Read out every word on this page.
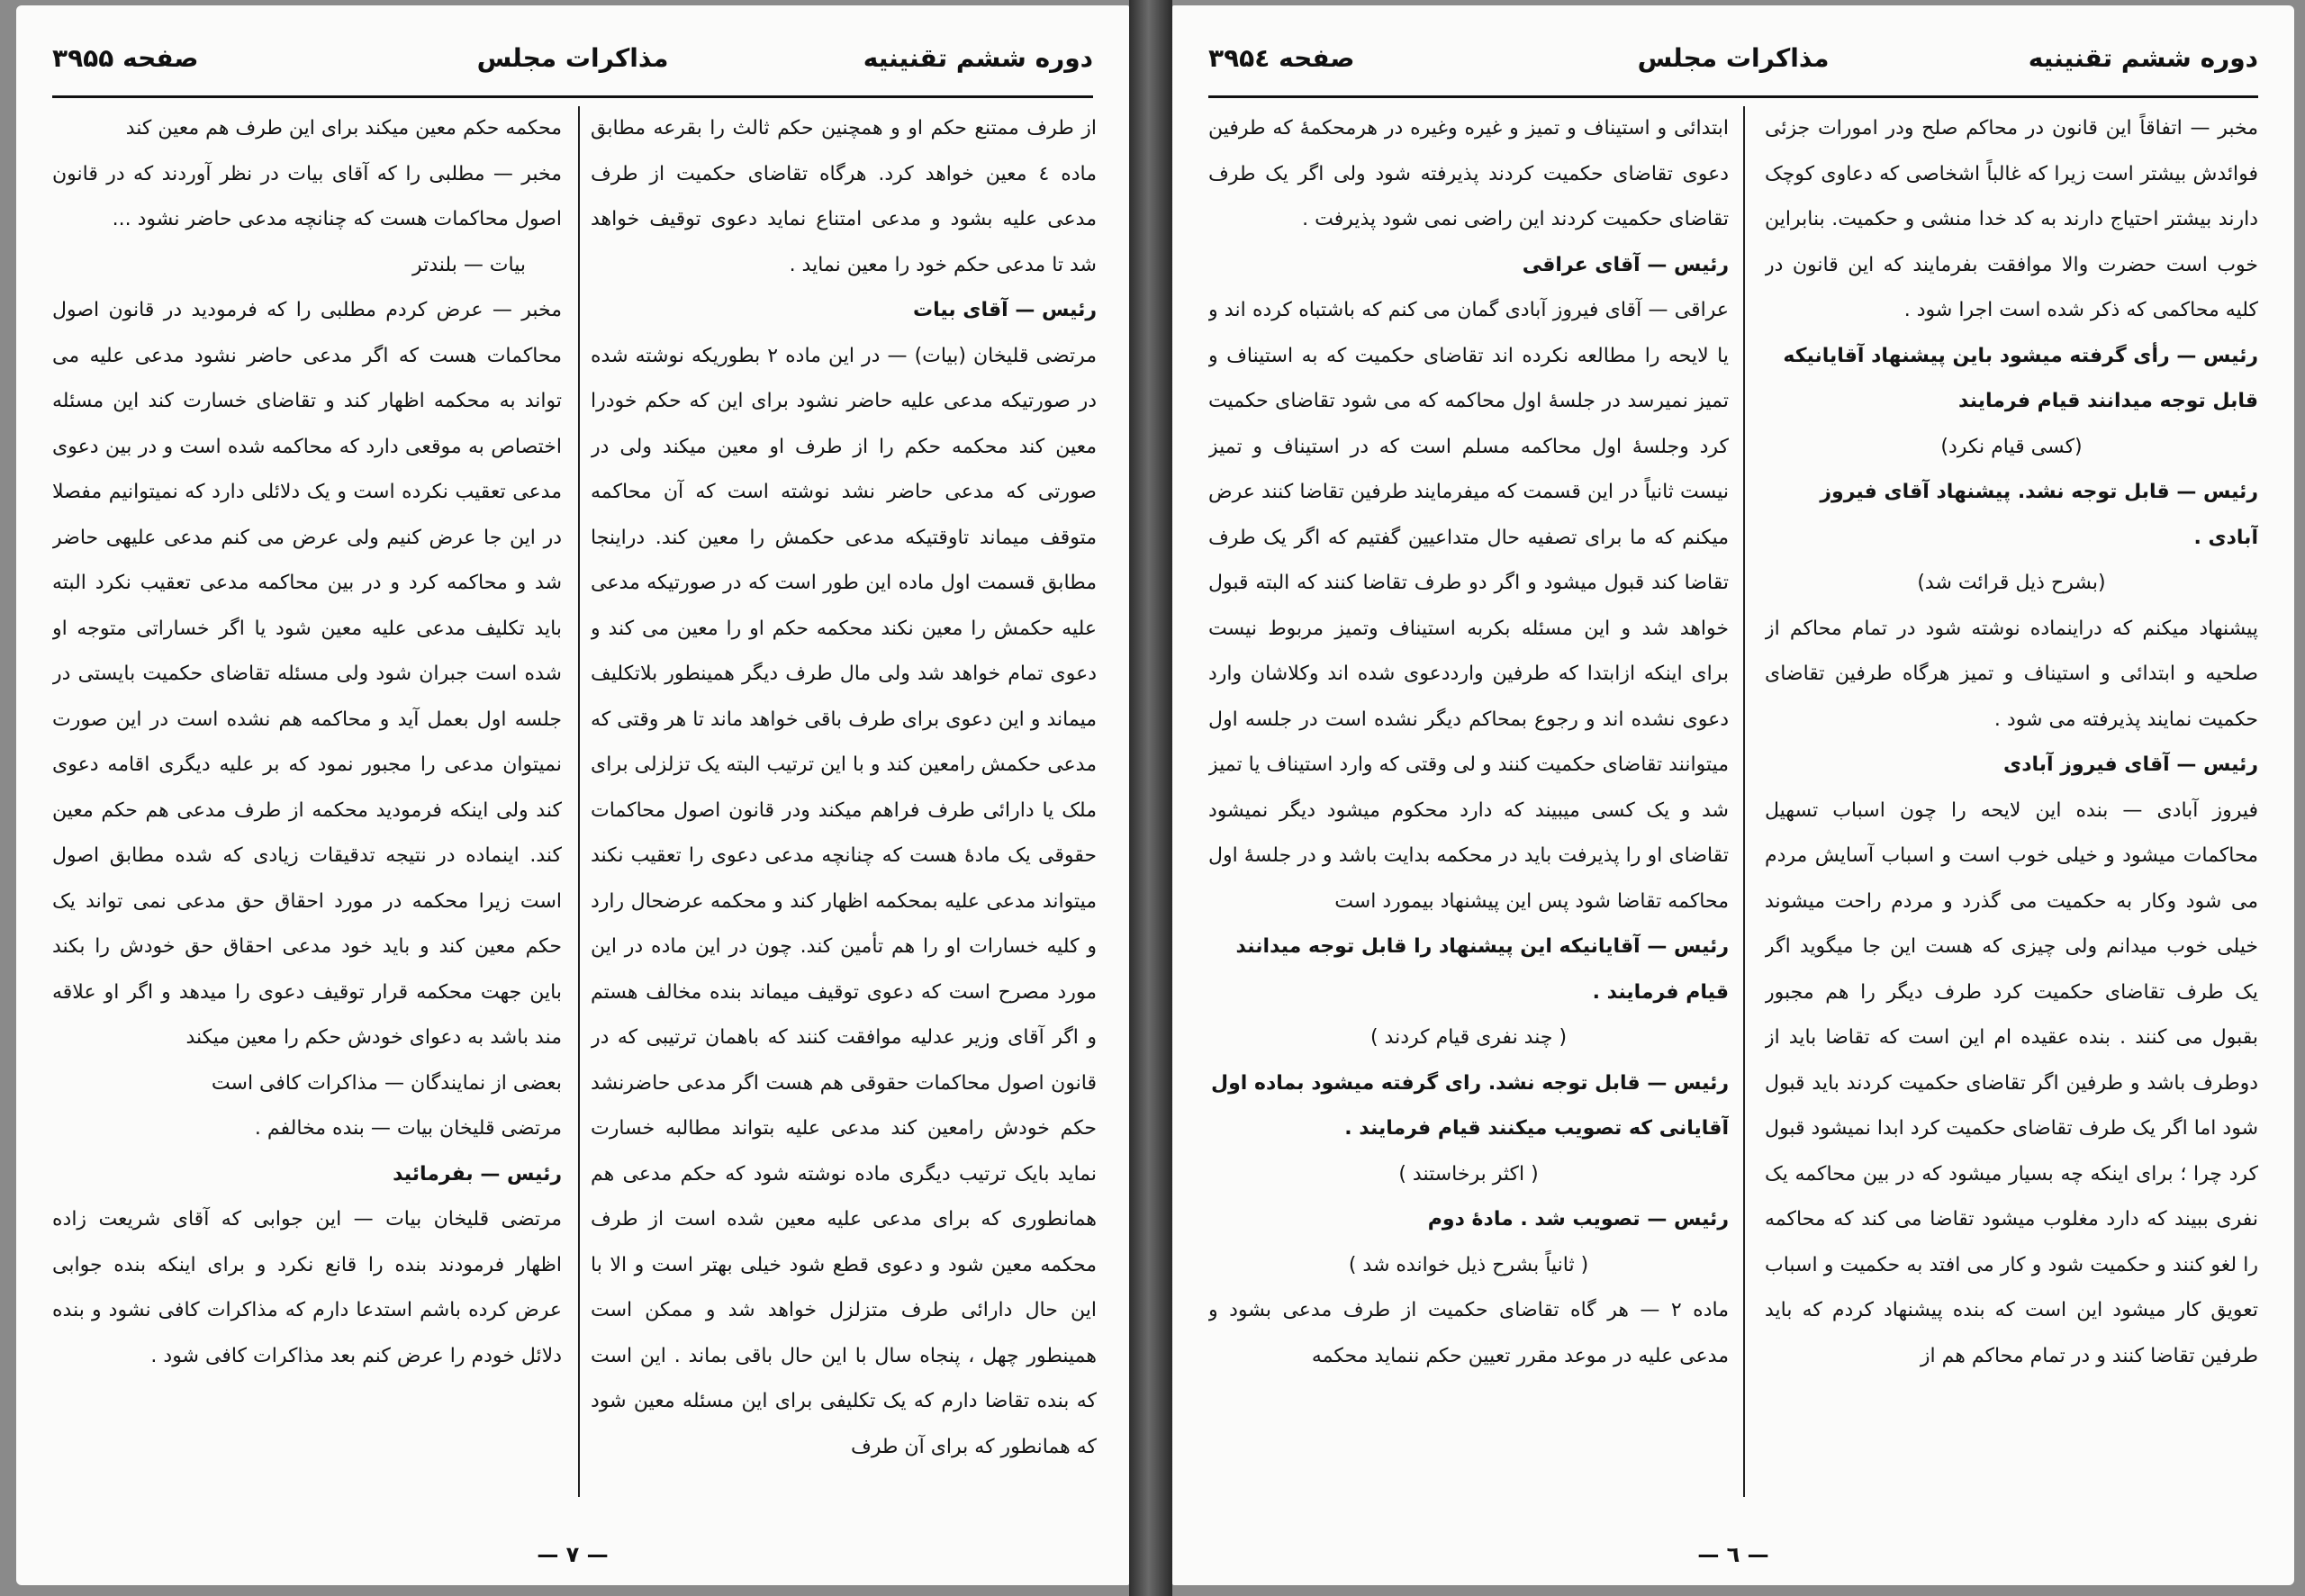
دوره ششم تقنینیه
مذاکرات مجلس
صفحه ۳۹۵۵

از طرف ممتنع حکم او و همچنین حکم ثالث را بقرعه مطابق ماده ٤ معین خواهد کرد. هرگاه تقاضای حکمیت از طرف مدعی علیه بشود و مدعی امتناع نماید دعوی توقیف خواهد شد تا مدعی حکم خود را معین نماید .

رئیس — آقای بیات

مرتضی قلیخان (بیات) — در این ماده ۲ بطوریکه نوشته شده در صورتیکه مدعی علیه حاضر نشود برای این که حکم خودرا معین کند محکمه حکم را از طرف او معین میکند ولی در صورتی که مدعی حاضر نشد نوشته است که آن محاکمه متوقف میماند تاوقتیکه مدعی حکمش را معین کند. دراینجا مطابق قسمت اول ماده این طور است که در صورتیکه مدعی علیه حکمش را معین نکند محکمه حکم او را معین می کند و دعوی تمام خواهد شد ولی مال طرف دیگر همینطور بلاتکلیف میماند و این دعوی برای طرف باقی خواهد ماند تا هر وقتی که مدعی حکمش رامعین کند و با این ترتیب البته یک تزلزلی برای ملک یا دارائی طرف فراهم میکند ودر قانون اصول محاکمات حقوقی یک مادهٔ هست که چنانچه مدعی دعوی را تعقیب نکند میتواند مدعی علیه بمحکمه اظهار کند و محکمه عرضحال رارد و کلیه خسارات او را هم تأمین کند. چون در این ماده در این مورد مصرح است که دعوی توقیف میماند بنده مخالف هستم و اگر آقای وزیر عدلیه موافقت کنند که باهمان ترتیبی که در قانون اصول محاکمات حقوقی هم هست اگر مدعی حاضرنشد حکم خودش رامعین کند مدعی علیه بتواند مطالبه خسارت نماید بایک ترتیب دیگری ماده نوشته شود که حکم مدعی هم همانطوری که برای مدعی علیه معین شده است از طرف محکمه معین شود و دعوی قطع شود خیلی بهتر است و الا با این حال دارائی طرف متزلزل خواهد شد و ممکن است همینطور چهل ، پنجاه سال با این حال باقی بماند . این است که بنده تقاضا دارم که یک تکلیفی برای این مسئله معین شود که همانطور که برای آن طرف

محکمه حکم معین میکند برای این طرف هم معین کند

مخبر — مطلبی را که آقای بیات در نظر آوردند که در قانون اصول محاکمات هست که چنانچه مدعی حاضر نشود ...

بیات — بلندتر

مخبر — عرض کردم مطلبی را که فرمودید در قانون اصول محاکمات هست که اگر مدعی حاضر نشود مدعی علیه می تواند به محکمه اظهار کند و تقاضای خسارت کند این مسئله اختصاص به موقعی دارد که محاکمه شده است و در بین دعوی مدعی تعقیب نکرده است و یک دلائلی دارد که نمیتوانیم مفصلا در این جا عرض کنیم ولی عرض می کنم مدعی علیهی حاضر شد و محاکمه کرد و در بین محاکمه مدعی تعقیب نکرد البته باید تکلیف مدعی علیه معین شود یا اگر خساراتی متوجه او شده است جبران شود ولی مسئله تقاضای حکمیت بایستی در جلسه اول بعمل آید و محاکمه هم نشده است در این صورت نمیتوان مدعی را مجبور نمود که بر علیه دیگری اقامه دعوی کند ولی اینکه فرمودید محکمه از طرف مدعی هم حکم معین کند. اینماده در نتیجه تدقیقات زیادی که شده مطابق اصول است زیرا محکمه در مورد احقاق حق مدعی نمی تواند یک حکم معین کند و باید خود مدعی احقاق حق خودش را بکند باین جهت محکمه قرار توقیف دعوی را میدهد و اگر او علاقه مند باشد به دعوای خودش حکم را معین میکند

بعضی از نمایندگان — مذاکرات کافی است

مرتضی قلیخان بیات — بنده مخالفم .

رئیس — بفرمائید

مرتضی قلیخان بیات — این جوابی که آقای شریعت زاده اظهار فرمودند بنده را قانع نکرد و برای اینکه بنده جوابی عرض کرده باشم استدعا دارم که مذاکرات کافی نشود و بنده دلائل خودم را عرض کنم بعد مذاکرات کافی شود .

— ۷ —
دوره ششم تقنینیه
مذاکرات مجلس
صفحه ۳۹۵٤

مخبر — اتفاقاً این قانون در محاکم صلح ودر امورات جزئی فوائدش بیشتر است زیرا که غالباً اشخاصی که دعاوی کوچک دارند بیشتر احتیاج دارند به کد خدا منشی و حکمیت. بنابراین خوب است حضرت والا موافقت بفرمایند که این قانون در کلیه محاکمی که ذکر شده است اجرا شود .

رئیس — رأی گرفته میشود باین پیشنهاد آقایانیکه قابل توجه میدانند قیام فرمایند

(کسی قیام نکرد)

رئیس — قابل توجه نشد. پیشنهاد آقای فیروز آبادی .

(بشرح ذیل قرائت شد)

پیشنهاد میکنم که دراینماده نوشته شود در تمام محاکم از صلحیه و ابتدائی و استیناف و تمیز هرگاه طرفین تقاضای حکمیت نمایند پذیرفته می شود .

رئیس — آقای فیروز آبادی

فیروز آبادی — بنده این لایحه را چون اسباب تسهیل محاکمات میشود و خیلی خوب است و اسباب آسایش مردم می شود وکار به حکمیت می گذرد و مردم راحت میشوند خیلی خوب میدانم ولی چیزی که هست این جا میگوید اگر یک طرف تقاضای حکمیت کرد طرف دیگر را هم مجبور بقبول می کنند . بنده عقیده ام این است که تقاضا باید از دوطرف باشد و طرفین اگر تقاضای حکمیت کردند باید قبول شود اما اگر یک طرف تقاضای حکمیت کرد ابدا نمیشود قبول کرد چرا ؛ برای اینکه چه بسیار میشود که در بین محاکمه یک نفری ببیند که دارد مغلوب میشود تقاضا می کند که محاکمه را لغو کنند و حکمیت شود و کار می افتد به حکمیت و اسباب تعویق کار میشود این است که بنده پیشنهاد کردم که باید طرفین تقاضا کنند و در تمام محاکم هم از

ابتدائی و استیناف و تمیز و غیره وغیره در هرمحکمهٔ که طرفین دعوی تقاضای حکمیت کردند پذیرفته شود ولی اگر یک طرف تقاضای حکمیت کردند این راضی نمی شود پذیرفت .

رئیس — آقای عراقی

عراقی — آقای فیروز آبادی گمان می کنم که باشتباه کرده اند و یا لایحه را مطالعه نکرده اند تقاضای حکمیت که به استیناف و تمیز نمیرسد در جلسهٔ اول محاکمه که می شود تقاضای حکمیت کرد وجلسهٔ اول محاکمه مسلم است که در استیناف و تمیز نیست ثانیاً در این قسمت که میفرمایند طرفین تقاضا کنند عرض میکنم که ما برای تصفیه حال متداعیین گفتیم که اگر یک طرف تقاضا کند قبول میشود و اگر دو طرف تقاضا کنند که البته قبول خواهد شد و این مسئله بکربه استیناف وتمیز مربوط نیست برای اینکه ازابتدا که طرفین وارددعوی شده اند وکلاشان وارد دعوی نشده اند و رجوع بمحاکم دیگر نشده است در جلسه اول میتوانند تقاضای حکمیت کنند و لی وقتی که وارد استیناف یا تمیز شد و یک کسی میبیند که دارد محکوم میشود دیگر نمیشود تقاضای او را پذیرفت باید در محکمه بدایت باشد و در جلسهٔ اول محاکمه تقاضا شود پس این پیشنهاد بیمورد است

رئیس — آقایانیکه این پیشنهاد را قابل توجه میدانند قیام فرمایند .

( چند نفری قیام کردند )

رئیس — قابل توجه نشد. رای گرفته میشود بماده اول آقایانی که تصویب میکنند قیام فرمایند .

( اکثر برخاستند )

رئیس — تصویب شد . مادهٔ دوم

( ثانیاً بشرح ذیل خوانده شد )

ماده ۲ — هر گاه تقاضای حکمیت از طرف مدعی بشود و مدعی علیه در موعد مقرر تعیین حکم ننماید محکمه

— ٦ —
